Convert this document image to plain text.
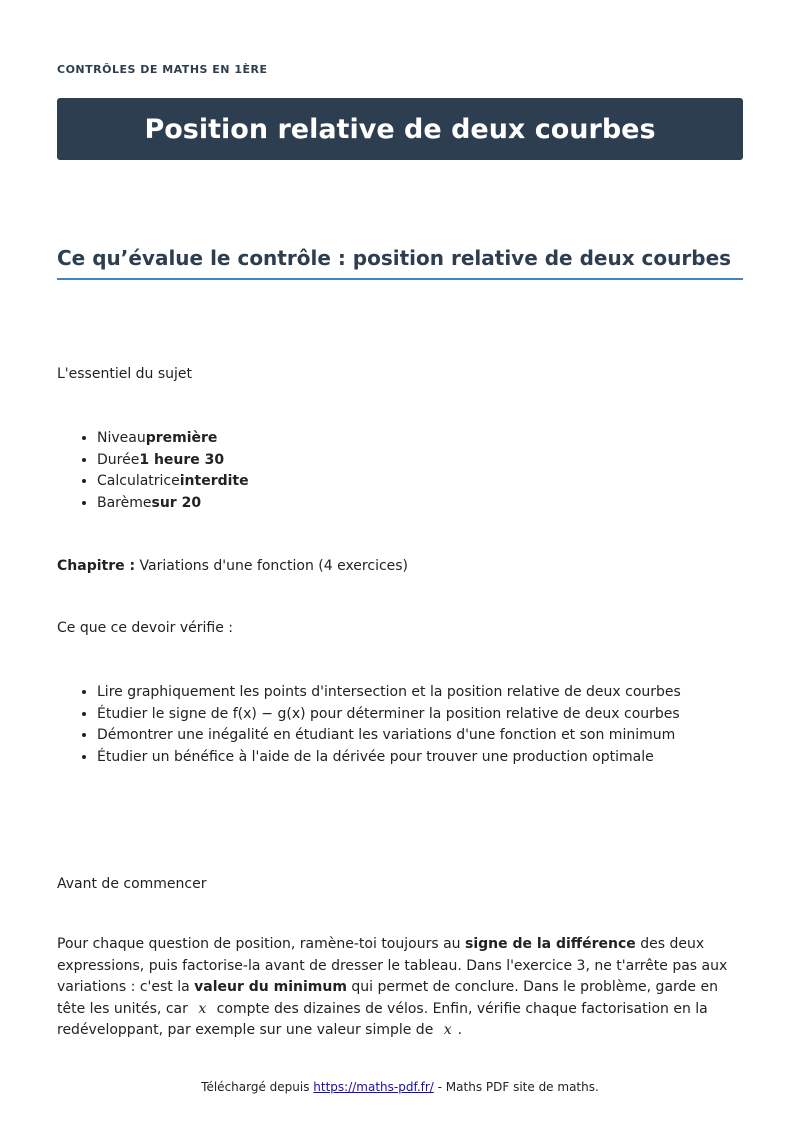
CONTRÔLES DE MATHS EN 1ÈRE
Position relative de deux courbes
Ce qu’évalue le contrôle : position relative de deux courbes

L'essentiel du sujet

• Niveaupremière
• Durée1 heure 30
• Calculatriceinterdite
• Barèmesur 20

Chapitre : Variations d'une fonction (4 exercices)

Ce que ce devoir vérifie :

• Lire graphiquement les points d'intersection et la position relative de deux courbes
• Étudier le signe de f(x) − g(x) pour déterminer la position relative de deux courbes
• Démontrer une inégalité en étudiant les variations d'une fonction et son minimum
• Étudier un bénéfice à l'aide de la dérivée pour trouver une production optimale

Avant de commencer

Pour chaque question de position, ramène-toi toujours au signe de la différence des deux expressions, puis factorise-la avant de dresser le tableau. Dans l'exercice 3, ne t'arrête pas aux variations : c'est la valeur du minimum qui permet de conclure. Dans le problème, garde en tête les unités, car x compte des dizaines de vélos. Enfin, vérifie chaque factorisation en la redéveloppant, par exemple sur une valeur simple de x .

Téléchargé depuis https://maths-pdf.fr/ - Maths PDF site de maths.
